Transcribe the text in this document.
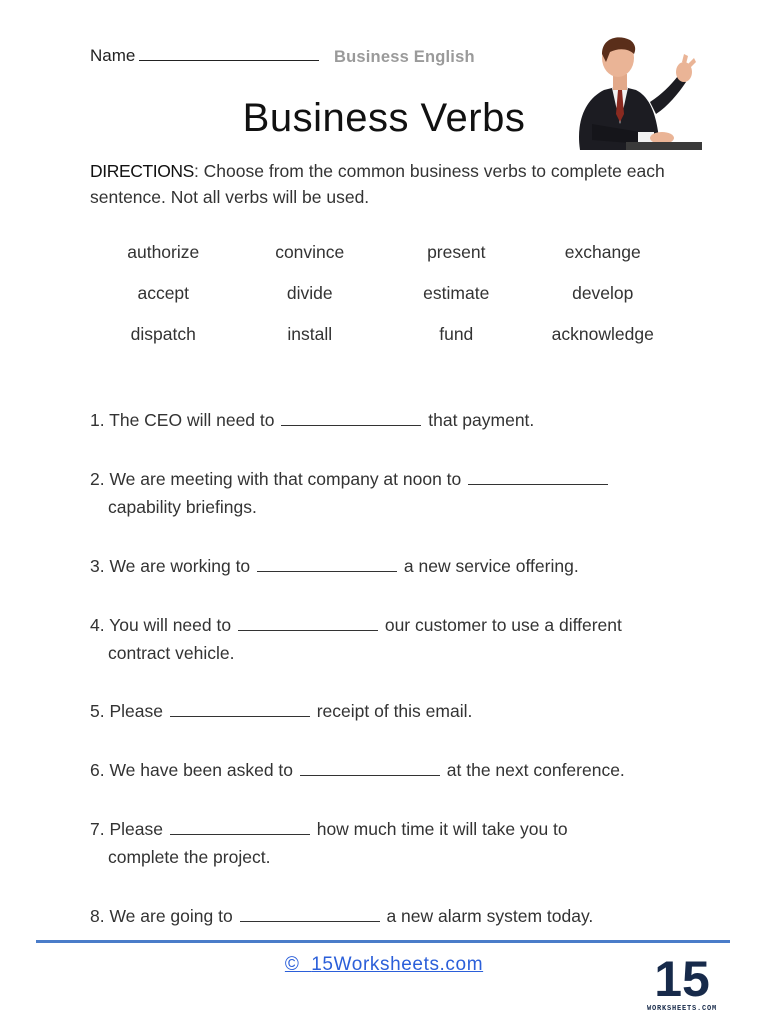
Name	Business English
Business Verbs
DIRECTIONS: Choose from the common business verbs to complete each sentence. Not all verbs will be used.
authorize	convince	present	exchange
accept	divide	estimate	develop
dispatch	install	fund	acknowledge
1. The CEO will need to	that payment.
2. We are meeting with that company at noon to
capability briefings.
3. We are working to	a new service offering.
4. You will need to	our customer to use a different
contract vehicle.
5. Please	receipt of this email.
6. We have been asked to	at the next conference.
7. Please	how much time it will take you to
complete the project.
8. We are going to	a new alarm system today.
© 15Worksheets.com	15
WORKSHEETS.COM
